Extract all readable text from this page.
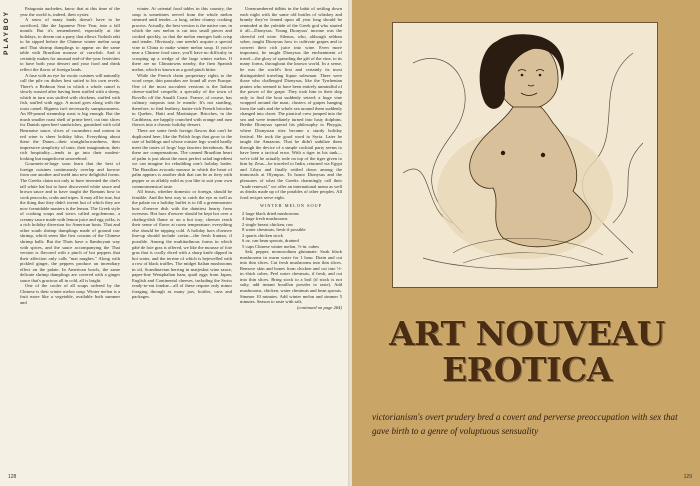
PLAYBOY

Patagonia aucheñes, know that at this time of the year the world is, indeed, their oyster.

A snow of many lands doesn't have to be sacrificed, like the Japanese New Year, into a fall month. But it's remembered, especially at the holidays, to dream out a party that allows Turkish raki to be sipped before the Chinese winter melon soup and Thai shrimp dumplings to appear on the same table with Brazilian mousse of crawfish. And it certainly makes for unusual end-of-the-year festivities to have both your dessert and your food and drink reflect the flavor of foreign lands.

A fuse with an eye for exotic cuisines will naturally call the pile on dishes best suited to his own revels. There's a Redmon Seat in which a whole camel is slowly roasted after having been stuffed with a sheep, which in turn was stuffed with chickens, stuffed with fish, stuffed with eggs. A moral goes along with the roast camel: Bigness isn't necessarily sumptuousness. An 80-pound steamship roast is big enough. But the much smaller roast shell of prime beef, cut into slices for Danish open beef sandwiches, garnished with cold Bearnaise sauce, slices of cucumbers and onions in red wine is sheer holiday bliss. Everything about these the Danes—their straightforwardness, their impressive simplicity of taste, their imagination, their rich hospitality—tends to go into their modest-looking but magnificent smorrebrod.

Gourmets-at-large soon learn that the best of foreign cuisines continuously overlap and borrow from one another and meld into new delightful forms. The Greeks claim not only to have invented the chef's tall white hat but to have discovered white sauce and brown sauce and to have taught the Romans how to cook peacocks, crabs and tripes. It may all be true, but the thing that they didn't invent but of which they are now formidable masters is the lemon. The Greek style of cooking soups and stews called avgolemono, a creamy sauce made with lemon juice and egg yolks, is a rich holiday diversion for American hosts. Thai and other south shrimp dumplings made of ground raw shrimp, which seem like first cousins of the Chinese shrimp balls. But the Thais have a flamboyant way with spices, and the sauce accompanying the Thai version is flavored with a pinch of hot peppers that their affection only calls "mai narghes." Along with pickled ginger, the peppers produce an incendiary effect on the palate. In American bowls, the same delicate shrimp dumplings are covered with a ginger sauce that's gracious all in cold, all is bright.

One of the cooler of all soups ordered by the Chinese is their winter melon soup. Winter melon is a fruit more like a vegetable, available both summer and

winter. At oriental food tables in this country, the soup is sometimes served from the whole melon steamed until tender—a long, rather clumsy cooking process. Actually, the best version is the native one, in which the raw melon is cut into small pieces and cooked quickly, so that the melon emerges both crisp and tender. Obviously, one needn't acquire a special vine to China to make winter melon soup. If you're near a Chinese food store, you'll have no difficulty in scooping up a wedge of the large winter melon. If there are no Chinatowns nearby, the firm Spanish melon, which is known as a good pinch hitter.

While the French claim proprietary rights to the word crepe, thin pancakes are found all over Europe. One of the most succulent versions is the Italian cheese-stuffed crespelle, a specialty of the town of Rovello off the Amalfi Coast. France, of course, has culinary outposts tout le monde. It's not startling, therefore, to find feathery, butter-rich French brioches in Quebec, Haiti and Martinique. Brioches, in the Caribbean, are happily crunched with orange and rum flavors into a chronic holiday dessert.

There are some fresh foreign flavors that can't be duplicated here, like the Polish frogs that grow to the size of bulldogs and whose outsize legs would hardly meet the tastes of frogs' legs fanciers hereabouts. But there are compensations. The canned Brazilian heart of palm is just about the most perfect salad ingredient we can imagine for rebuilding one's holiday larder. The Brazilian avocado mousse in which the heart of palm appears is another dish that can be as fiery with pepper or as affably mild as you like to suit your own commonsensical taste.

All feasts, whether domestic or foreign, should be feasible. And the best way to catch the eye as well as the palate on a holiday buffet is to fill a greenmonster host d'oeuvre dish with the daintiest hearty from overseas. Hot hors d'oeuvre should be kept hot over a chafing-dish flame or on a hot tray; cheeses reach their sense of flavor at room temperature; everything else should be nipping cold. A holiday hors d'oeuvre line-up should include caviar—the fresh Iranian, if possible. Among the multitudinous forms in which pâté de foie gras is offered, we like the mousse of foie gras that is coolly diced with a sharp knife dipped in hot water, and the terrine of which is bejewelled with a row of black truffles. The midget Italian mushrooms in oil, Scandinavian herring in matjeskut wine sauce, paper-fine Westphalian ham, quail eggs from Japan, English and Continental cheeses, including the Swiss ready-to-eat fondue—all of these require only minor foraging through as many jars, bottles, cans and packages.

Unencumbered tidbits in the habit of settling down each night with the same old bottles of whiskey and brandy they've leaned upon all year long should be reminded at the yuletide of the Greek god who started it all—Dionysus. Young Dionysus' income was the cheerful red wine. Silenus, who, although seldom sober, taught Dionysus how to cultivate grapes and to convert their rich juice into wine. Even more important, he taught Dionysus the enchantment of travel—the glory of spreading the gift of the vine, to its many forms, throughout the known world. In a sense, he was the world's first and certainly its most distinguished traveling liquor salesman. There were those who challenged Dionysus, like the Tyrrhenian pirates who seemed to have been entirely unmindful of the power of the grape. They took him to their ship only to find the boat suddenly seized; a huge vine wrapped around the mast, clusters of grapes hanging from the sails and the whole sea around them suddenly changed into claret. The piratical crew jumped into the sea and were immediately turned into lusty dolphins. Brethe Dionysus spread his philosophy to Phrygia, where Dionysian rites became a sturdy holiday festival. He took the good word to Syria. Later he taught the Amazons. That he didn't stabilize them through the device of a simple cocktail party seems to have been a tactical error. With a tiger in his tank—we're told he actually rode on top of the tiger given to him by Zeus—he traveled to India, returned via Egypt and Libya and finally settled down among the immortals at Olympus. To honor Dionysus and the pleasures of what the Greeks charmingly call their "trade renewal," we offer an international menu as well as drinks made up of the potables of other peoples. All food recipes serve eight.

WINTER MELON SOUP
2 large black dried mushrooms
4 large fresh mushrooms
2 single breast chicken, raw
8 water chestnuts, fresh if possible
2 quarts chicken stock
6 oz. can bean sprouts, drained
5 cups Chinese winter melon, ½-in. cubes

Salt, pepper, monosodium glutamate. Soak black mushrooms in warm water for 1 hour. Drain and cut into thin slices. Cut fresh mushrooms into thin slices. Remove skin and bones from chicken and cut into ½-in.-thick cubes. Peel water chestnuts, if fresh, and cut into thin slices. Bring stock to a boil (if stock is not salty, add instant bouillon powder to taste). Add mushrooms, chicken, water chestnuts and bean sprouts. Simmer 10 minutes. Add winter melon and simmer 5 minutes. Season to taste with salt,

(continued on page 264)

128
ART NOUVEAU EROTICA
victorianism's overt prudery bred a covert and perverse preoccupation with sex that gave birth to a genre of voluptuous sensuality
129
